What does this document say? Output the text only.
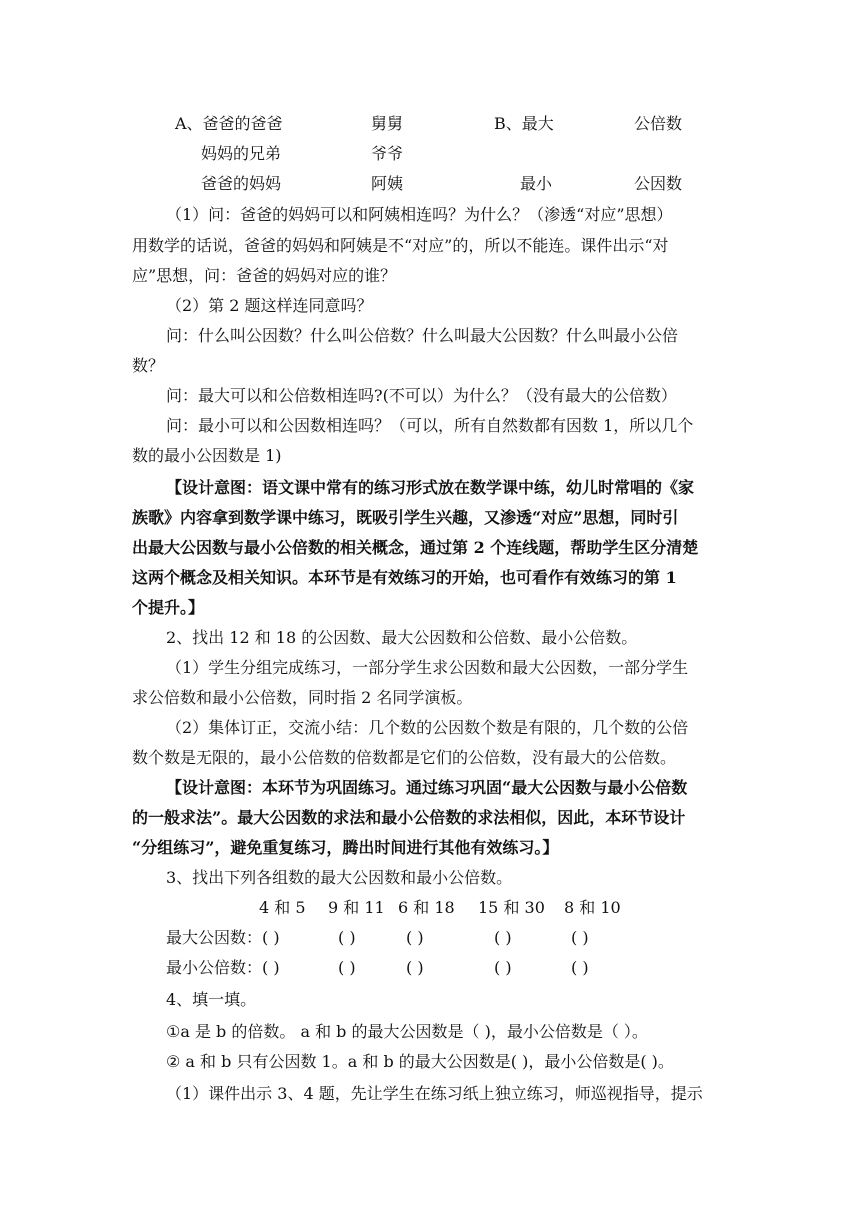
A、爸爸的爸爸	舅舅	B、最大	公倍数
妈妈的兄弟	爷爷
爸爸的妈妈	阿姨	最小	公因数
（1）问：爸爸的妈妈可以和阿姨相连吗？为什么？（渗透“对应”思想）
用数学的话说，爸爸的妈妈和阿姨是不“对应”的，所以不能连。课件出示“对
应”思想，问：爸爸的妈妈对应的谁？
（2）第 2 题这样连同意吗？
问：什么叫公因数？什么叫公倍数？什么叫最大公因数？什么叫最小公倍
数？
问：最大可以和公倍数相连吗?(不可以）为什么？（没有最大的公倍数）
问：最小可以和公因数相连吗？（可以，所有自然数都有因数 1，所以几个
数的最小公因数是 1)
【设计意图：语文课中常有的练习形式放在数学课中练，幼儿时常唱的《家
族歌》内容拿到数学课中练习，既吸引学生兴趣，又渗透“对应”思想，同时引
出最大公因数与最小公倍数的相关概念，通过第 2 个连线题，帮助学生区分清楚
这两个概念及相关知识。本环节是有效练习的开始，也可看作有效练习的第 1
个提升。】
2、找出 12 和 18 的公因数、最大公因数和公倍数、最小公倍数。
（1）学生分组完成练习，一部分学生求公因数和最大公因数，一部分学生
求公倍数和最小公倍数，同时指 2 名同学演板。
（2）集体订正，交流小结：几个数的公因数个数是有限的，几个数的公倍
数个数是无限的，最小公倍数的倍数都是它们的公倍数，没有最大的公倍数。
【设计意图：本环节为巩固练习。通过练习巩固“最大公因数与最小公倍数
的一般求法”。最大公因数的求法和最小公倍数的求法相似，因此，本环节设计
“分组练习”，避免重复练习，腾出时间进行其他有效练习。】
3、找出下列各组数的最大公因数和最小公倍数。
4 和 5 9 和 11 6 和 18 15 和 30 8 和 10
最大公因数： ( )	( )	( )	( )	( )
最小公倍数： ( )	( )	( )	( )	( )
4、填一填。
①a 是 b 的倍数。 a 和 b 的最大公因数是（ )，最小公倍数是（ ）。
② a 和 b 只有公因数 1。a 和 b 的最大公因数是( )，最小公倍数是( )。
（1）课件出示 3、4 题，先让学生在练习纸上独立练习，师巡视指导，提示
